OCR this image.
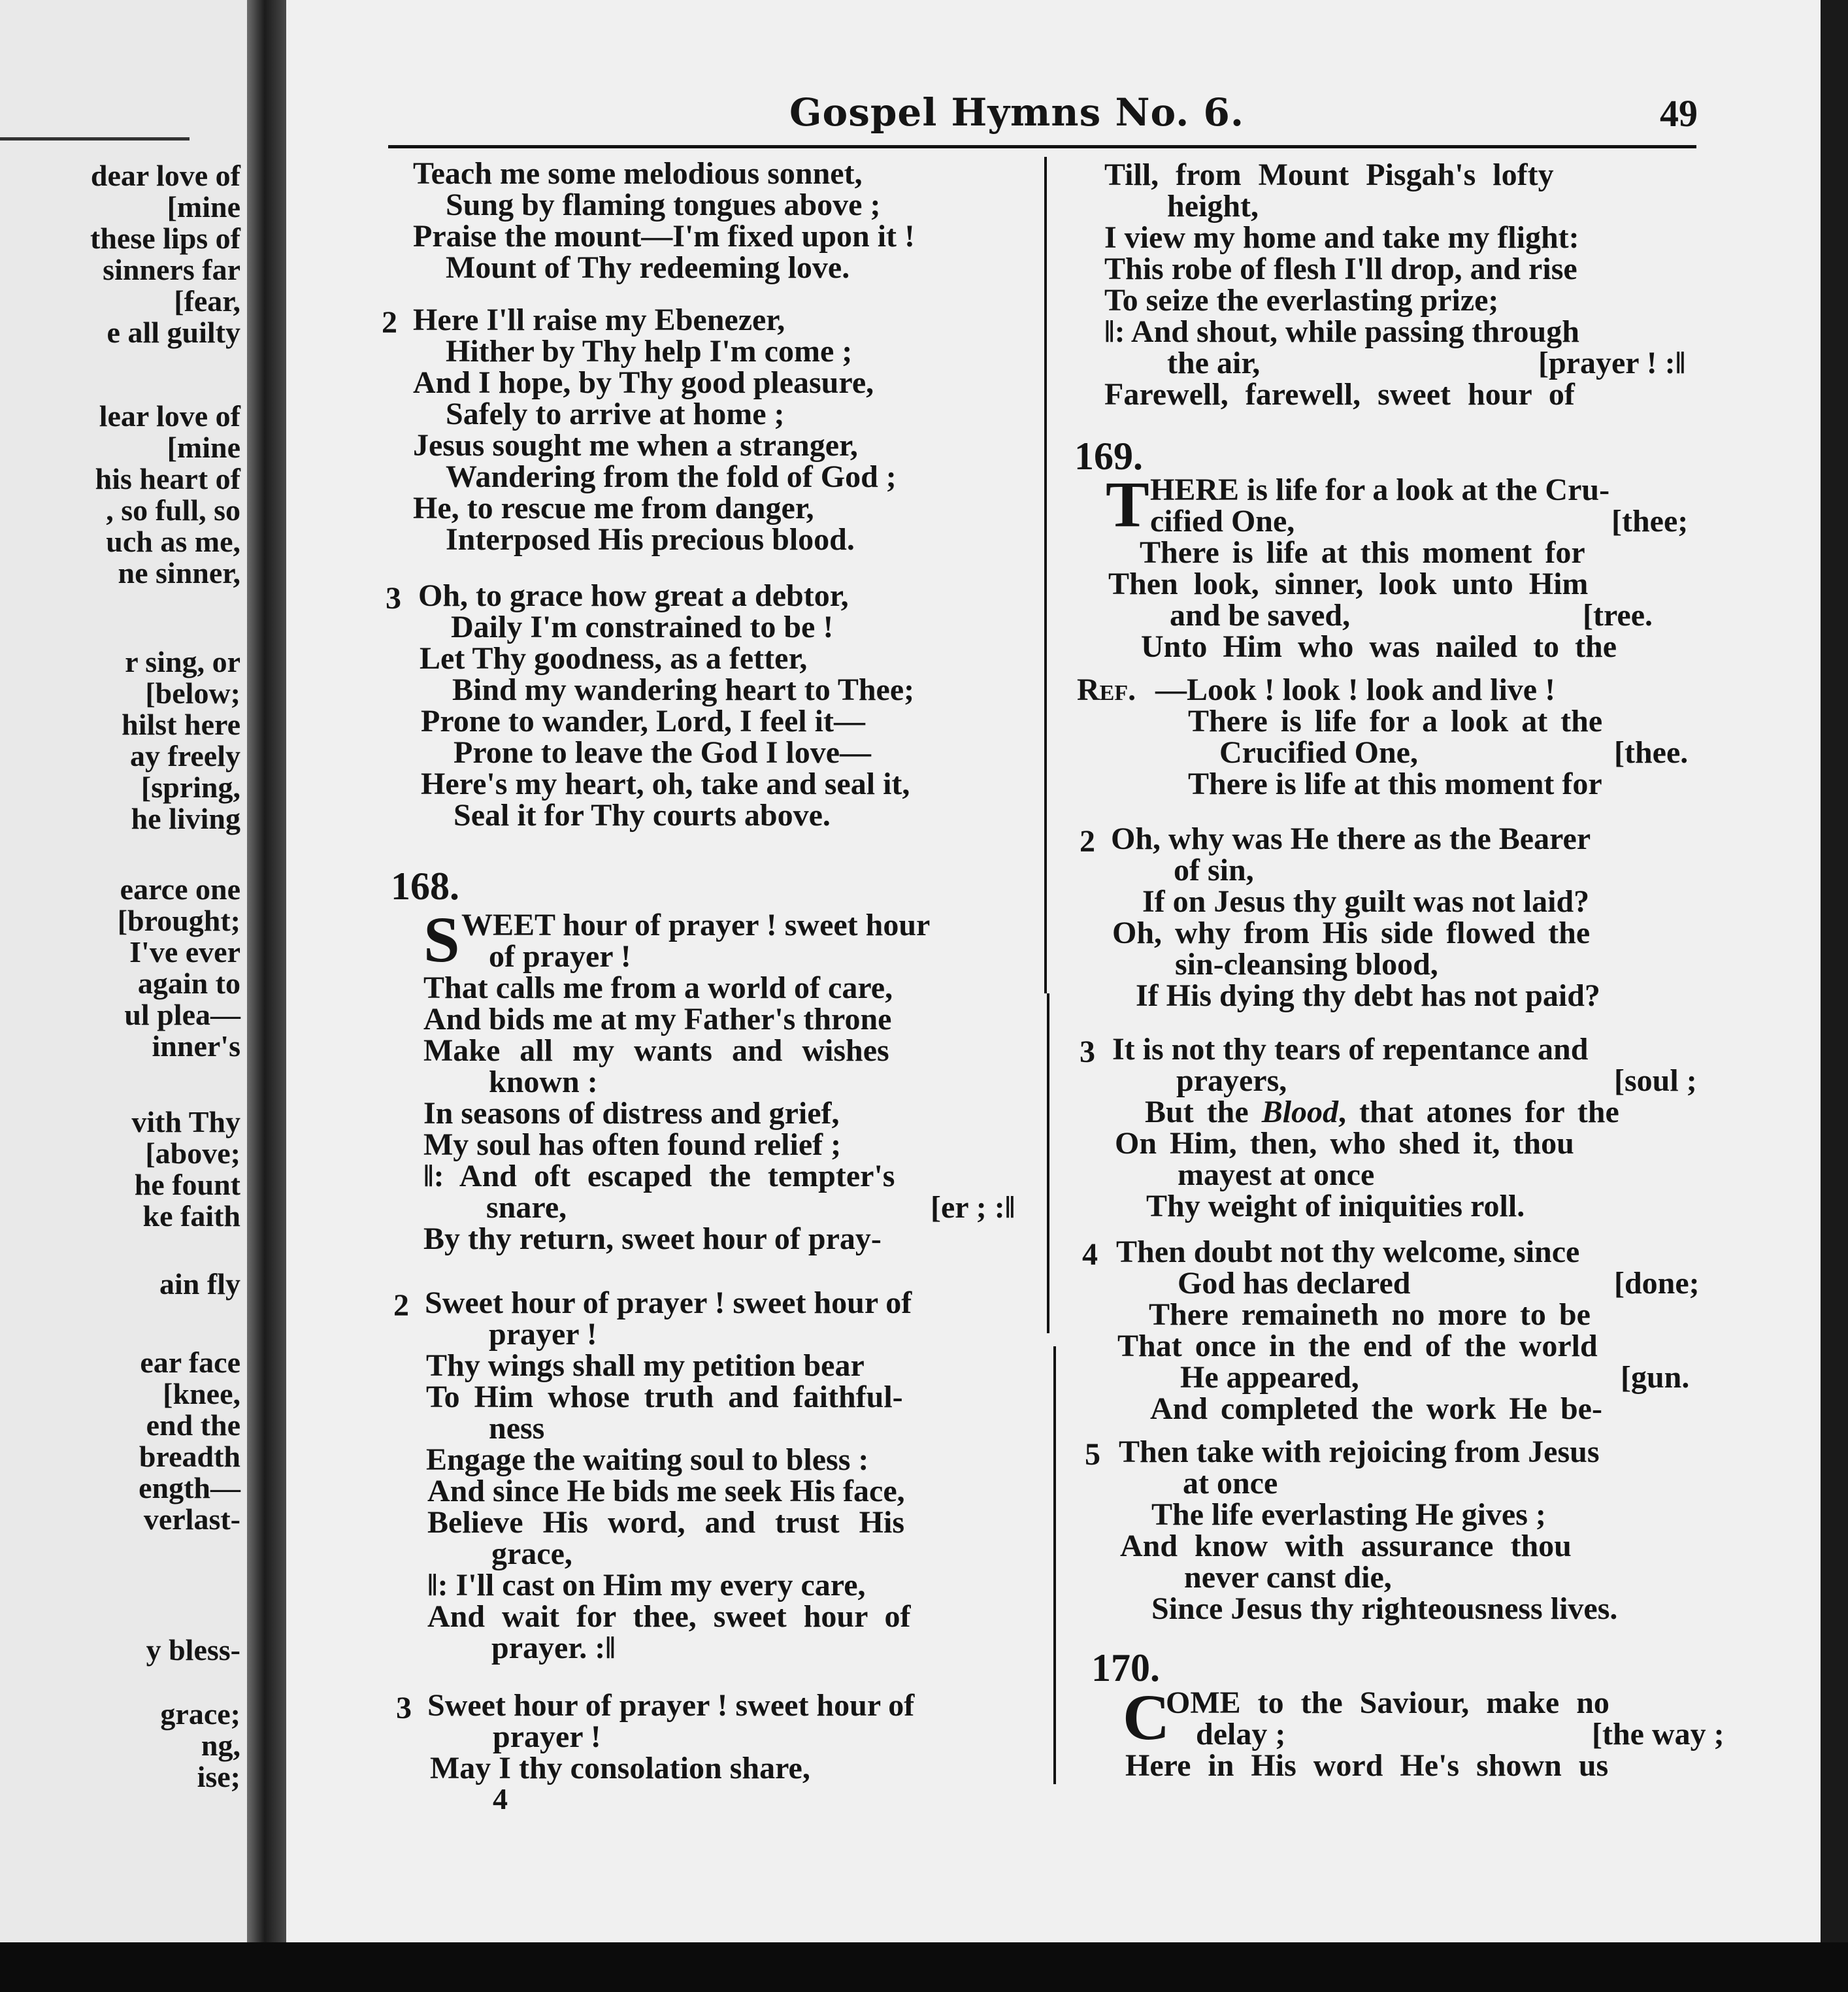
dear love of
[mine
these lips of
sinners far
[fear,
e all guilty
lear love of
[mine
his heart of
, so full, so
uch as me,
ne sinner,
r sing, or
[below;
hilst here
ay freely
[spring,
he living
earce one
[brought;
I've ever
again to
ul plea—
inner's
vith Thy
[above;
he fount
ke faith
ain fly
ear face
[knee,
end the
breadth
ength—
verlast-
y bless-
grace;
ng,
ise;
Gospel Hymns No. 6.	49
Teach me some melodious sonnet,
Sung by flaming tongues above ;
Praise the mount—I'm fixed upon it !
Mount of Thy redeeming love.
2 Here I'll raise my Ebenezer,
Hither by Thy help I'm come ;
And I hope, by Thy good pleasure,
Safely to arrive at home ;
Jesus sought me when a stranger,
Wandering from the fold of God ;
He, to rescue me from danger,
Interposed His precious blood.
3 Oh, to grace how great a debtor,
Daily I'm constrained to be !
Let Thy goodness, as a fetter,
Bind my wandering heart to Thee;
Prone to wander, Lord, I feel it—
Prone to leave the God I love—
Here's my heart, oh, take and seal it,
Seal it for Thy courts above.
168.
S WEET hour of prayer ! sweet hour
of prayer !
That calls me from a world of care,
And bids me at my Father's throne
Make all my wants and wishes
known :
In seasons of distress and grief,
My soul has often found relief ;
‖: And oft escaped the tempter's
snare,	[er ; :‖
By thy return, sweet hour of pray-
2 Sweet hour of prayer ! sweet hour of
prayer !
Thy wings shall my petition bear
To Him whose truth and faithful-
ness
Engage the waiting soul to bless :
And since He bids me seek His face,
Believe His word, and trust His
grace,
‖: I'll cast on Him my every care,
And wait for thee, sweet hour of
prayer. :‖
3 Sweet hour of prayer ! sweet hour of
prayer !
May I thy consolation share,
4
Till, from Mount Pisgah's lofty
height,
I view my home and take my flight:
This robe of flesh I'll drop, and rise
To seize the everlasting prize;
‖: And shout, while passing through
the air,	[prayer ! :‖
Farewell, farewell, sweet hour of
169.
T HERE is life for a look at the Cru-
cified One,	[thee;
There is life at this moment for
Then look, sinner, look unto Him
and be saved,	[tree.
Unto Him who was nailed to the
Ref. —Look ! look ! look and live !
There is life for a look at the
Crucified One,	[thee.
There is life at this moment for
2 Oh, why was He there as the Bearer
of sin,
If on Jesus thy guilt was not laid?
Oh, why from His side flowed the
sin-cleansing blood,
If His dying thy debt has not paid?
3 It is not thy tears of repentance and
prayers,	[soul ;
But the Blood, that atones for the
On Him, then, who shed it, thou
mayest at once
Thy weight of iniquities roll.
4 Then doubt not thy welcome, since
God has declared	[done;
There remaineth no more to be
That once in the end of the world
He appeared,	[gun.
And completed the work He be-
5 Then take with rejoicing from Jesus
at once
The life everlasting He gives ;
And know with assurance thou
never canst die,
Since Jesus thy righteousness lives.
170.
C
OME to the Saviour, make no
delay ;	[the way ;
Here in His word He's shown us
